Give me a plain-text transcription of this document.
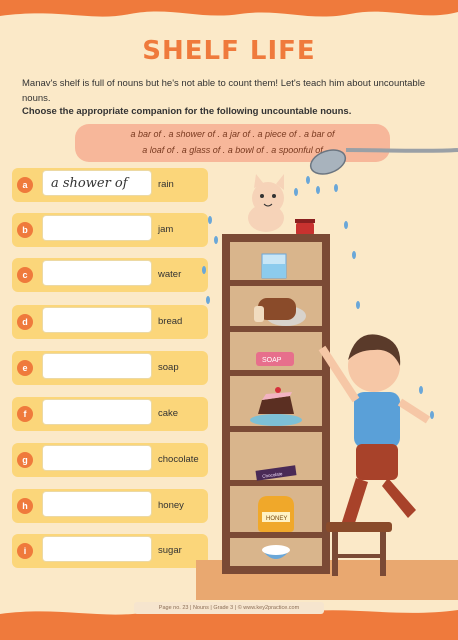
SHELF LIFE
Manav's shelf is full of nouns but he's not able to count them! Let's teach him about uncountable nouns.
Choose the appropriate companion for the following uncountable nouns.
a bar of . a shower of . a jar of . a piece of . a bar of
a loaf of . a glass of . a bowl of . a spoonful of
a	a shower of	rain
b	jam
c	water
d	bread
e	soap
f	cake
g	chocolate
h	honey
i	sugar
SOAP
Chocolate
HONEY
Page no. 23 | Nouns | Grade 3 | © www.key2practice.com
